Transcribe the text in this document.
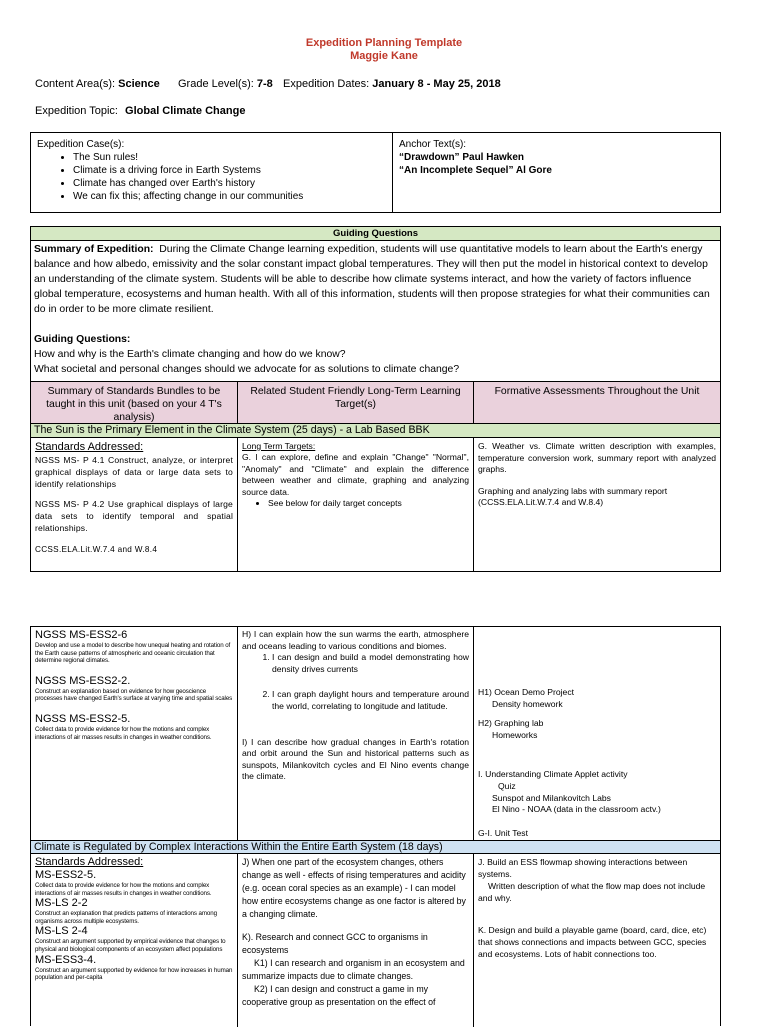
Expedition Planning Template
Maggie Kane
Content Area(s): Science Grade Level(s): 7-8 Expedition Dates: January 8 - May 25, 2018
Expedition Topic: Global Climate Change
Expedition Case(s):
• The Sun rules!
• Climate is a driving force in Earth Systems
• Climate has changed over Earth's history
• We can fix this; affecting change in our communities
Anchor Text(s):
“Drawdown” Paul Hawken
“An Incomplete Sequel” Al Gore
Guiding Questions

Summary of Expedition: During the Climate Change learning expedition, students will use quantitative models to learn about the Earth's energy balance and how albedo, emissivity and the solar constant impact global temperatures. They will then put the model in historical context to develop an understanding of the climate system. Students will be able to describe how climate systems interact, and how the variety of factors influence global temperature, ecosystems and human health. With all of this information, students will then propose strategies for what their communities can do in order to be more climate resilient.

Guiding Questions:

How and why is the Earth's climate changing and how do we know?

What societal and personal changes should we advocate for as solutions to climate change?

Summary of Standards Bundles to be taught in this unit (based on your 4 T's analysis)
Related Student Friendly Long-Term Learning Target(s)
Formative Assessments Throughout the Unit
The Sun is the Primary Element in the Climate System (25 days) - a Lab Based BBK
Standards Addressed:
NGSS MS- P 4.1 Construct, analyze, or interpret graphical displays of data or large data sets to identify relationships
NGSS MS- P 4.2 Use graphical displays of large data sets to identify temporal and spatial relationships.
CCSS.ELA.Lit.W.7.4 and W.8.4
Long Term Targets:
G. I can explore, define and explain "Change" "Normal", "Anomaly" and "Climate" and explain the difference between weather and climate, graphing and analyzing source data.
• See below for daily target concepts
G. Weather vs. Climate written description with examples, temperature conversion work, summary report with analyzed graphs.
Graphing and analyzing labs with summary report (CCSS.ELA.Lit.W.7.4 and W.8.4)
NGSS MS-ESS2-6
Develop and use a model to describe how unequal heating and rotation of the Earth cause patterns of atmospheric and oceanic circulation that determine regional climates.
NGSS MS-ESS2-2.
Construct an explanation based on evidence for how geoscience processes have changed Earth's surface at varying time and spatial scales
NGSS MS-ESS2-5.
Collect data to provide evidence for how the motions and complex interactions of air masses results in changes in weather conditions.
H) I can explain how the sun warms the earth, atmosphere and oceans leading to various conditions and biomes.
1. I can design and build a model demonstrating how density drives currents
2. I can graph daylight hours and temperature around the world, correlating to longitude and latitude.
I) I can describe how gradual changes in Earth's rotation and orbit around the Sun and historical patterns such as sunspots, Milankovitch cycles and El Nino events change the climate.
H1) Ocean Demo Project
Density homework
H2) Graphing lab
Homeworks
I. Understanding Climate Applet activity
Quiz
Sunspot and Milankovitch Labs
El Nino - NOAA (data in the classroom actv.)
G-I. Unit Test
Climate is Regulated by Complex Interactions Within the Entire Earth System (18 days)
Standards Addressed:
MS-ESS2-5.
Collect data to provide evidence for how the motions and complex interactions of air masses results in changes in weather conditions.
MS-LS 2-2
Construct an explanation that predicts patterns of interactions among organisms across multiple ecosystems.
MS-LS 2-4
Construct an argument supported by empirical evidence that changes to physical and biological components of an ecosystem affect populations
MS-ESS3-4.
Construct an argument supported by evidence for how increases in human population and per-capita
J) When one part of the ecosystem changes, others change as well - effects of rising temperatures and acidity (e.g. ocean coral species as an example) - I can model how entire ecosystems change as one factor is altered by a changing climate.
K). Research and connect GCC to organisms in ecosystems
K1) I can research and organism in an ecosystem and summarize impacts due to climate changes.
K2) I can design and construct a game in my cooperative group as presentation on the effect of
J. Build an ESS flowmap showing interactions between systems.
Written description of what the flow map does not include and why.
K. Design and build a playable game (board, card, dice, etc) that shows connections and impacts between GCC, species and ecosystems. Lots of habit connections too.
